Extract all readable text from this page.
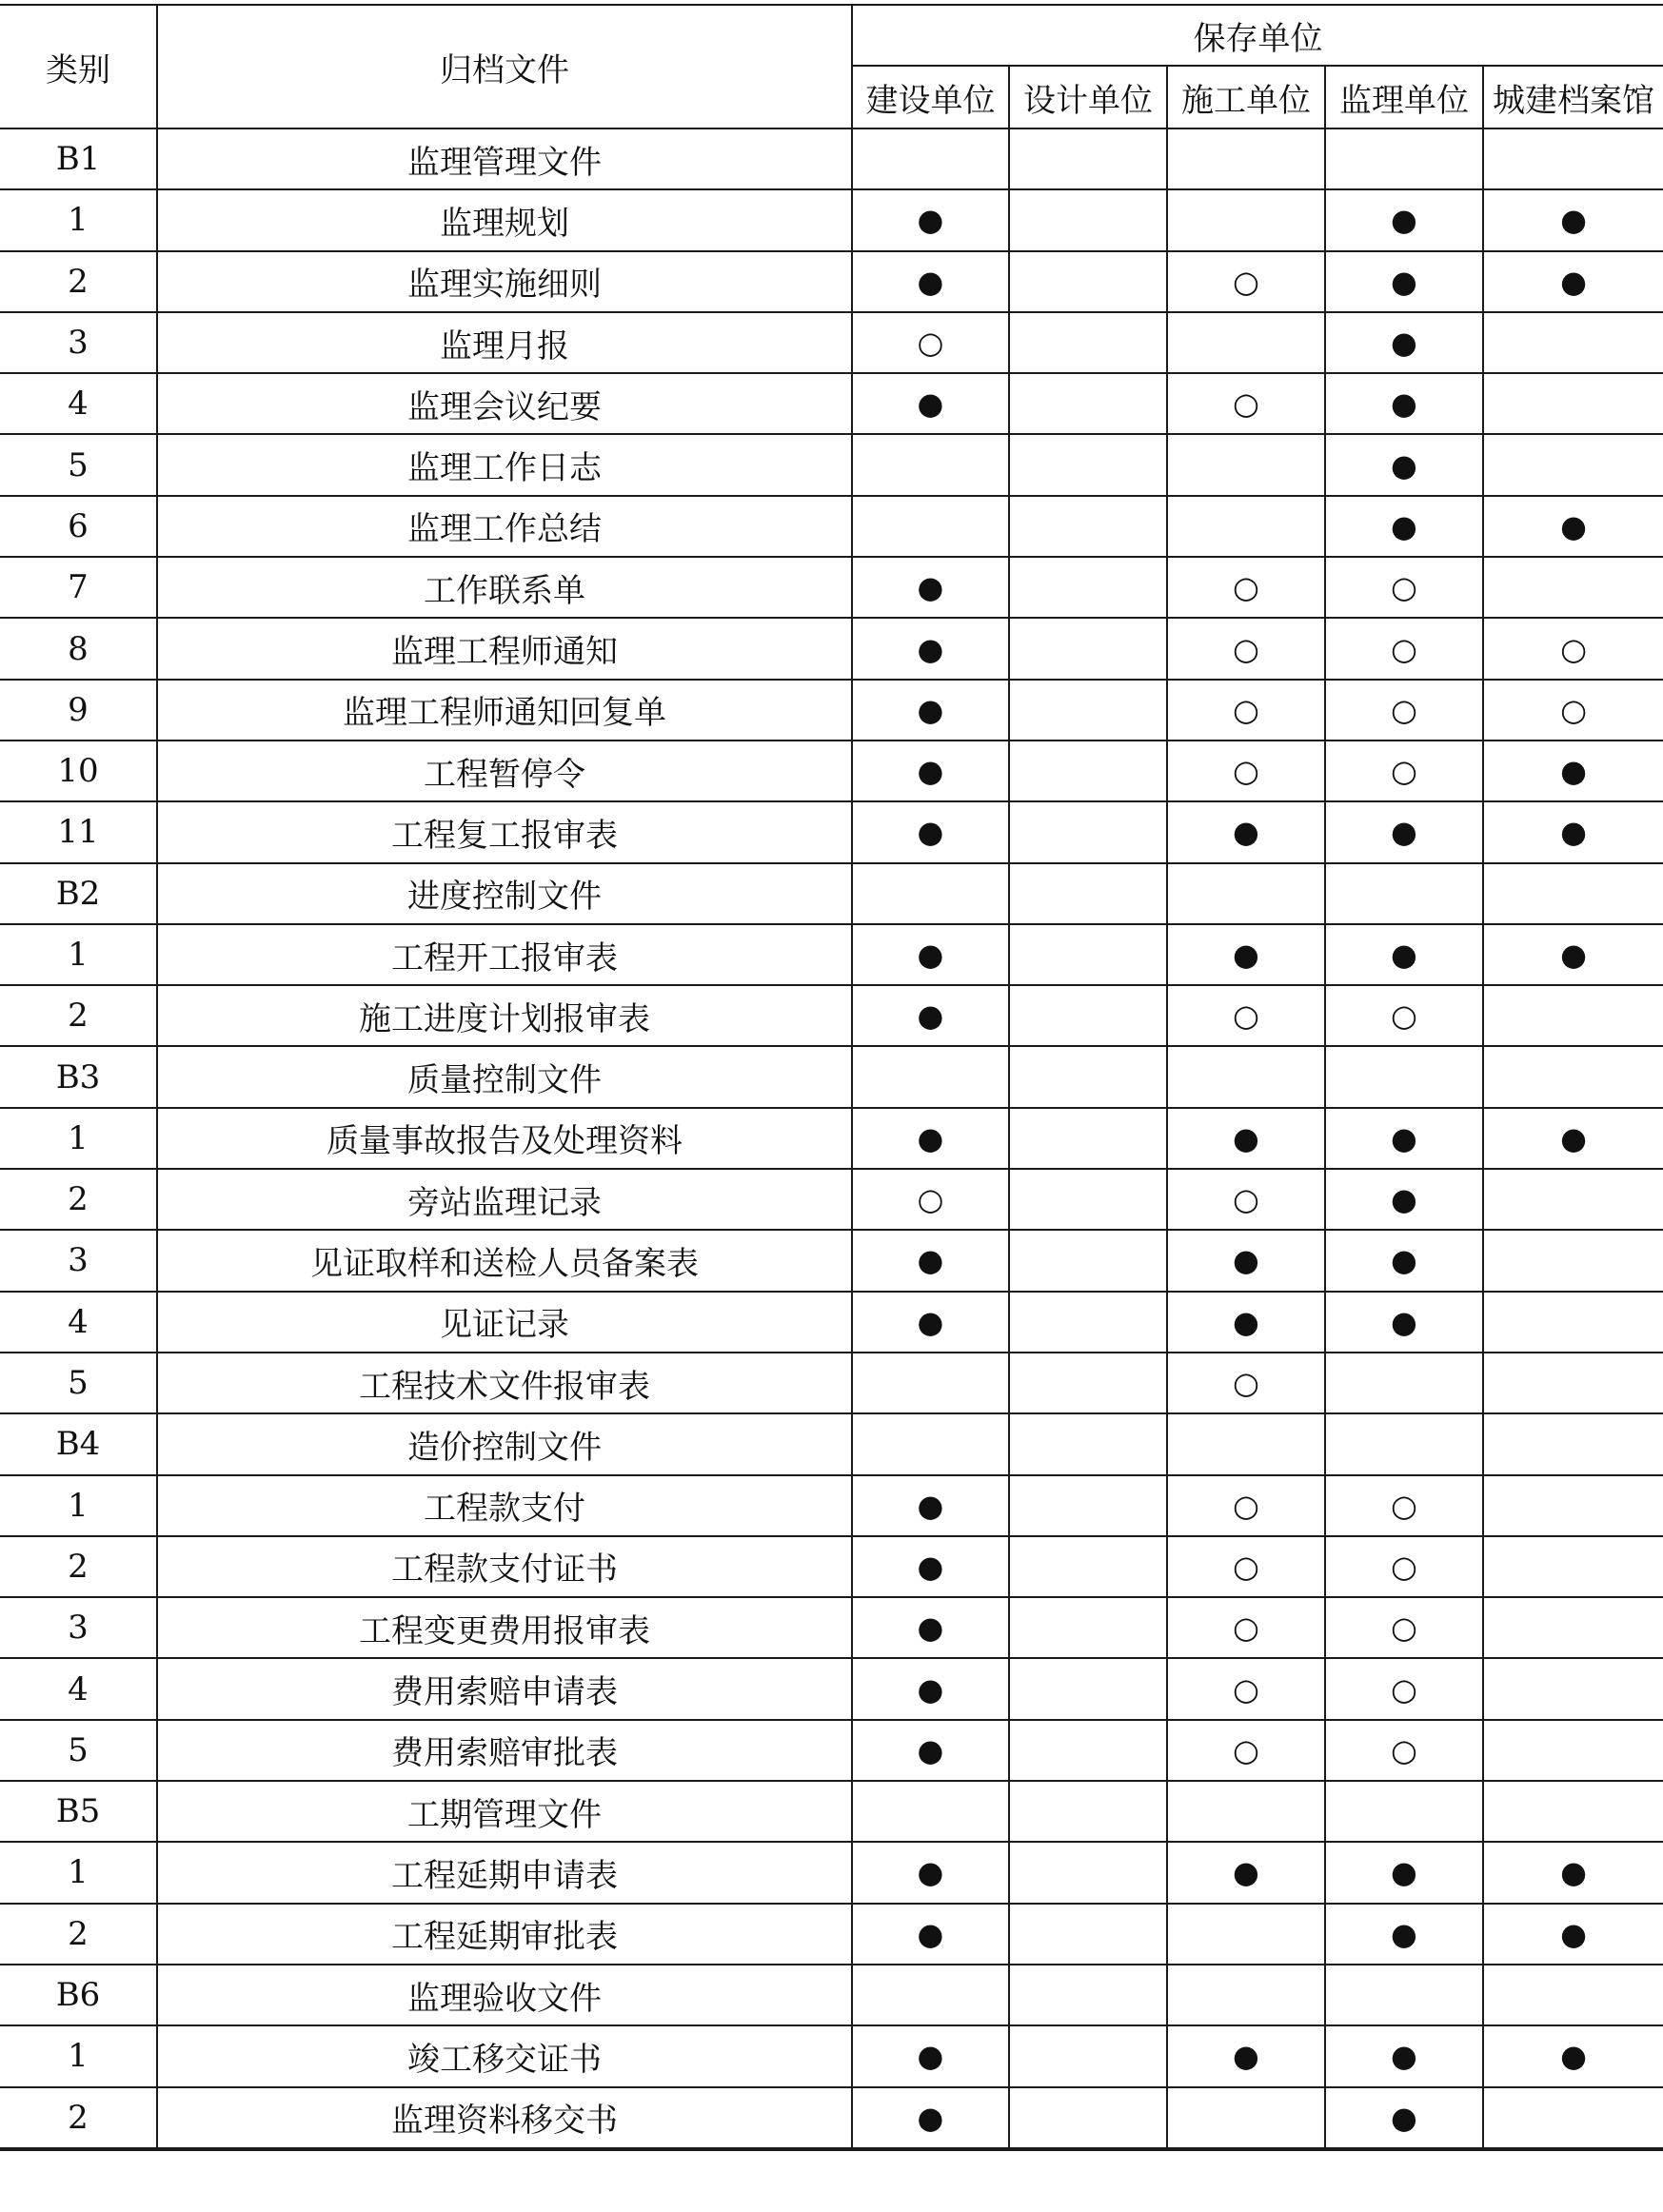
类别	归档文件	保存单位				
		建设单位	设计单位	施工单位	监理单位	城建档案馆
B1	监理管理文件					
1	监理规划	●			●	●
2	监理实施细则	●		○	●	●
3	监理月报	○			●	
4	监理会议纪要	●		○	●	
5	监理工作日志				●	
6	监理工作总结				●	●
7	工作联系单	●		○	○	
8	监理工程师通知	●		○	○	○
9	监理工程师通知回复单	●		○	○	○
10	工程暂停令	●		○	○	●
11	工程复工报审表	●		●	●	●
B2	进度控制文件					
1	工程开工报审表	●		●	●	●
2	施工进度计划报审表	●		○	○	
B3	质量控制文件					
1	质量事故报告及处理资料	●		●	●	●
2	旁站监理记录	○		○	●	
3	见证取样和送检人员备案表	●		●	●	
4	见证记录	●		●	●	
5	工程技术文件报审表			○		
B4	造价控制文件					
1	工程款支付	●		○	○	
2	工程款支付证书	●		○	○	
3	工程变更费用报审表	●		○	○	
4	费用索赔申请表	●		○	○	
5	费用索赔审批表	●		○	○	
B5	工期管理文件					
1	工程延期申请表	●		●	●	●
2	工程延期审批表	●			●	●
B6	监理验收文件					
1	竣工移交证书	●		●	●	●
2	监理资料移交书	●			●	
